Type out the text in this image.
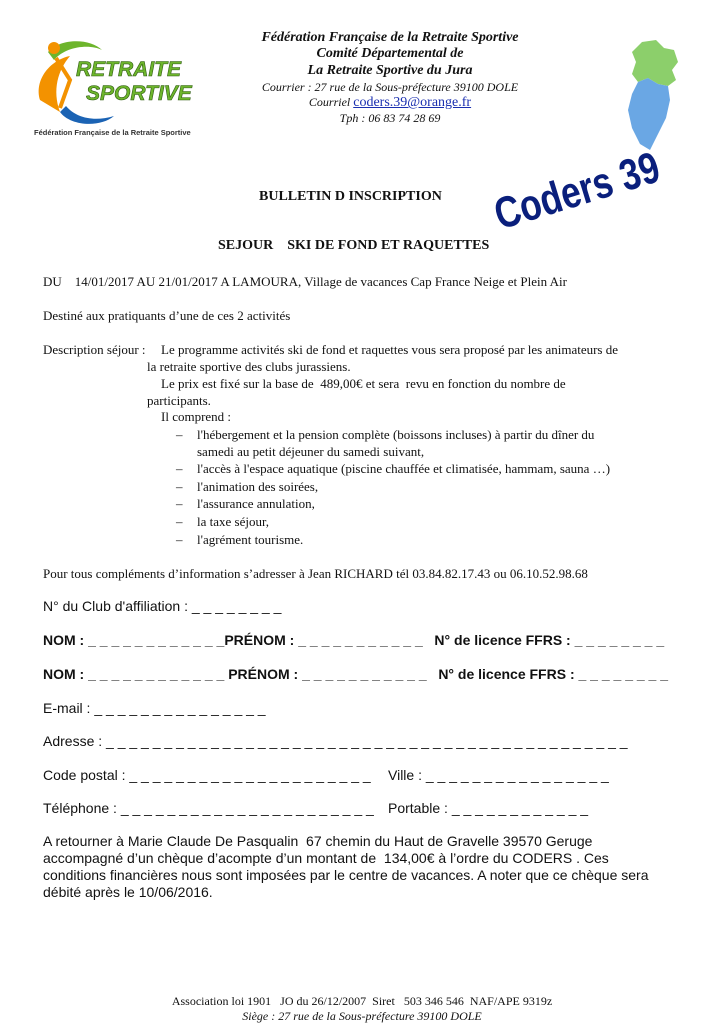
RETRAITE
SPORTIVE
Fédération Française de la Retraite Sportive
Fédération Française de la Retraite Sportive
Comité Départemental de
La Retraite Sportive du Jura
Courrier : 27 rue de la Sous-préfecture 39100 DOLE
Courriel coders.39@orange.fr
Tph : 06 83 74 28 69
Coders 39
BULLETIN D INSCRIPTION
SEJOUR    SKI DE FOND ET RAQUETTES
DU    14/01/2017 AU 21/01/2017 A LAMOURA, Village de vacances Cap France Neige et Plein Air
Destiné aux pratiquants d’une de ces 2 activités
Description séjour : Le programme activités ski de fond et raquettes vous sera proposé par les animateurs de
la retraite sportive des clubs jurassiens.
Le prix est fixé sur la base de  489,00€ et sera  revu en fonction du nombre de
participants.
Il comprend :
– l'hébergement et la pension complète (boissons incluses) à partir du dîner du
samedi au petit déjeuner du samedi suivant,
– l'accès à l'espace aquatique (piscine chauffée et climatisée, hammam, sauna …)
– l'animation des soirées,
– l'assurance annulation,
– la taxe séjour,
– l'agrément tourisme.
Pour tous compléments d’information s’adresser à Jean RICHARD tél 03.84.82.17.43 ou 06.10.52.98.68
N° du Club d'affiliation : _ _ _ _ _ _ _ _
NOM : _ _ _ _ _ _ _ _ _ _ _ _PRÉNOM : _ _ _ _ _ _ _ _ _ _ _   N° de licence FFRS : _ _ _ _ _ _ _ _
NOM : _ _ _ _ _ _ _ _ _ _ _ _ PRÉNOM : _ _ _ _ _ _ _ _ _ _ _   N° de licence FFRS : _ _ _ _ _ _ _ _
E-mail : _ _ _ _ _ _ _ _ _ _ _ _ _ _ _
Adresse : _ _ _ _ _ _ _ _ _ _ _ _ _ _ _ _ _ _ _ _ _ _ _ _ _ _ _ _ _ _ _ _ _ _ _ _ _ _ _ _ _ _ _ _ _
Code postal : _ _ _ _ _ _ _ _ _ _ _ _ _ _ _ _ _ _ _ _ _ Ville : _ _ _ _ _ _ _ _ _ _ _ _ _ _ _ _
Téléphone : _ _ _ _ _ _ _ _ _ _ _ _ _ _ _ _ _ _ _ _ _ _ Portable : _ _ _ _ _ _ _ _ _ _ _ _
A retourner à Marie Claude De Pasqualin  67 chemin du Haut de Gravelle 39570 Geruge
accompagné d’un chèque d’acompte d’un montant de  134,00€ à l’ordre du CODERS . Ces
conditions financières nous sont imposées par le centre de vacances. A noter que ce chèque sera
débité après le 10/06/2016.
Association loi 1901   JO du 26/12/2007  Siret   503 346 546  NAF/APE 9319z
Siège : 27 rue de la Sous-préfecture 39100 DOLE
